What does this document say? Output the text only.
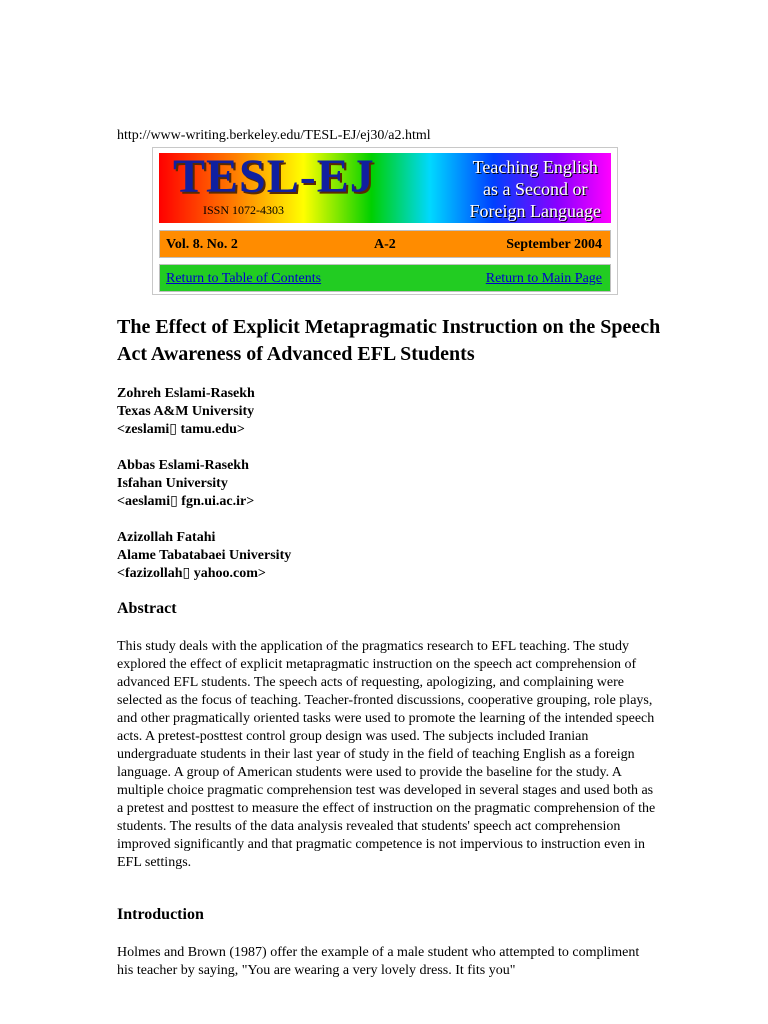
http://www-writing.berkeley.edu/TESL-EJ/ej30/a2.html
TESL-EJ
ISSN 1072-4303
Teaching English
as a Second or
Foreign Language
Vol. 8. No. 2	A-2	September 2004
Return to Table of Contents	Return to Main Page
The Effect of Explicit Metapragmatic Instruction on the Speech Act Awareness of Advanced EFL Students
Zohreh Eslami-Rasekh
Texas A&M University
<zeslami▯ tamu.edu>
Abbas Eslami-Rasekh
Isfahan University
<aeslami▯ fgn.ui.ac.ir>
Azizollah Fatahi
Alame Tabatabaei University
<fazizollah▯ yahoo.com>
Abstract

This study deals with the application of the pragmatics research to EFL teaching. The study explored the effect of explicit metapragmatic instruction on the speech act comprehension of advanced EFL students. The speech acts of requesting, apologizing, and complaining were selected as the focus of teaching. Teacher-fronted discussions, cooperative grouping, role plays, and other pragmatically oriented tasks were used to promote the learning of the intended speech acts. A pretest-posttest control group design was used. The subjects included Iranian undergraduate students in their last year of study in the field of teaching English as a foreign language. A group of American students were used to provide the baseline for the study. A multiple choice pragmatic comprehension test was developed in several stages and used both as a pretest and posttest to measure the effect of instruction on the pragmatic comprehension of the students. The results of the data analysis revealed that students' speech act comprehension improved significantly and that pragmatic competence is not impervious to instruction even in EFL settings.

Introduction

Holmes and Brown (1987) offer the example of a male student who attempted to compliment his teacher by saying, "You are wearing a very lovely dress. It fits you"
